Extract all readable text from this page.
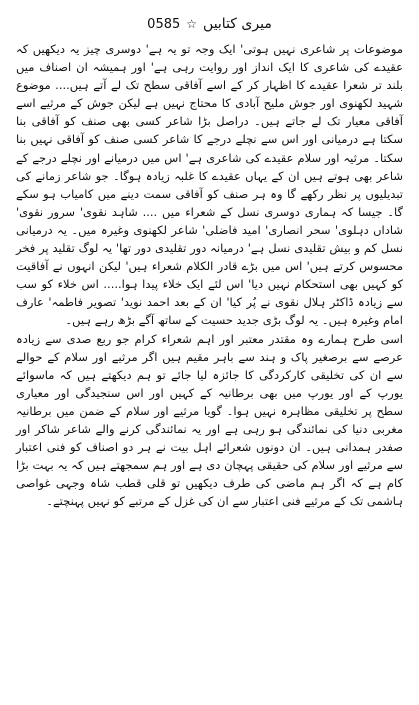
میری کتابیں
☆
0585

موضوعات پر شاعری نہیں ہوتی' ایک وجہ تو یہ ہے' دوسری چیز یہ دیکھیں کہ عقیدے کی شاعری کا ایک انداز اور روایت رہی ہے' اور ہمیشہ ان اصناف میں بلند تر شعرا عقیدے کا اظہار کر کے اسے آفاقی سطح تک لے آتے ہیں.... موضوع شہید لکھنوی اور جوش ملیح آبادی کا محتاج نہیں ہے لیکن جوش کے مرثیے اسے آفاقی معیار تک لے جاتے ہیں۔ دراصل بڑا شاعر کسی بھی صنف کو آفاقی بنا سکتا ہے درمیانی اور اس سے نچلے درجے کا شاعر کسی صنف کو آفاقی نہیں بنا سکتا۔ مرثیہ اور سلام عقیدے کی شاعری ہے' اس میں درمیانے اور نچلے درجے کے شاعر بھی ہوتے ہیں ان کے یہاں عقیدے کا غلبہ زیادہ ہوگا۔ جو شاعر زمانے کی تبدیلیوں پر نظر رکھے گا وہ ہر صنف کو آفاقی سمت دینے میں کامیاب ہو سکے گا۔ جیسا کہ ہماری دوسری نسل کے شعراء میں .... شاہد نقوی' سرور نقوی' شاداں دہلوی' سحر انصاری' امید فاضلی' شاعر لکھنوی وغیرہ میں۔ یہ درمیانی نسل کم و بیش تقلیدی نسل ہے' درمیانہ دور تقلیدی دور تھا' یہ لوگ تقلید پر فخر محسوس کرتے ہیں' اس میں بڑے قادر الکلام شعراء ہیں' لیکن انہوں نے آفاقیت کو کہیں بھی استحکام نہیں دیا' اس لئے ایک خلاء پیدا ہوا..... اس خلاء کو سب سے زیادہ ڈاکٹر ہلال نقوی نے پُر کیا' ان کے بعد احمد نوید' تصویر فاطمہ' عارف امام وغیرہ ہیں۔ یہ لوگ بڑی جدید حسیت کے ساتھ آگے بڑھ رہے ہیں۔

اسی طرح ہمارے وہ مقتدر معتبر اور اہم شعراء کرام جو ربع صدی سے زیادہ عرصے سے برصغیر پاک و ہند سے باہر مقیم ہیں اگر مرثیے اور سلام کے حوالے سے ان کی تخلیقی کارکردگی کا جائزہ لیا جائے تو ہم دیکھتے ہیں کہ ماسوائے یورپ کے اور یورپ میں بھی برطانیہ کے کہیں اور اس سنجیدگی اور معیاری سطح پر تخلیقی مظاہرہ نہیں ہوا۔ گویا مرثیے اور سلام کے ضمن میں برطانیہ مغربی دنیا کی نمائندگی ہو رہی ہے اور یہ نمائندگی کرنے والے شاعر شاکر اور صفدر ہمدانی ہیں۔ ان دونوں شعرائے اہل بیت نے ہر دو اصناف کو فنی اعتبار سے مرثیے اور سلام کی حقیقی پہچان دی ہے اور ہم سمجھتے ہیں کہ یہ بہت بڑا کام ہے کہ اگر ہم ماضی کی طرف دیکھیں تو قلی قطب شاہ وجہی غواصی ہاشمی تک کے مرثیے فنی اعتبار سے ان کی غزل کے مرتبے کو نہیں پہنچتے۔
